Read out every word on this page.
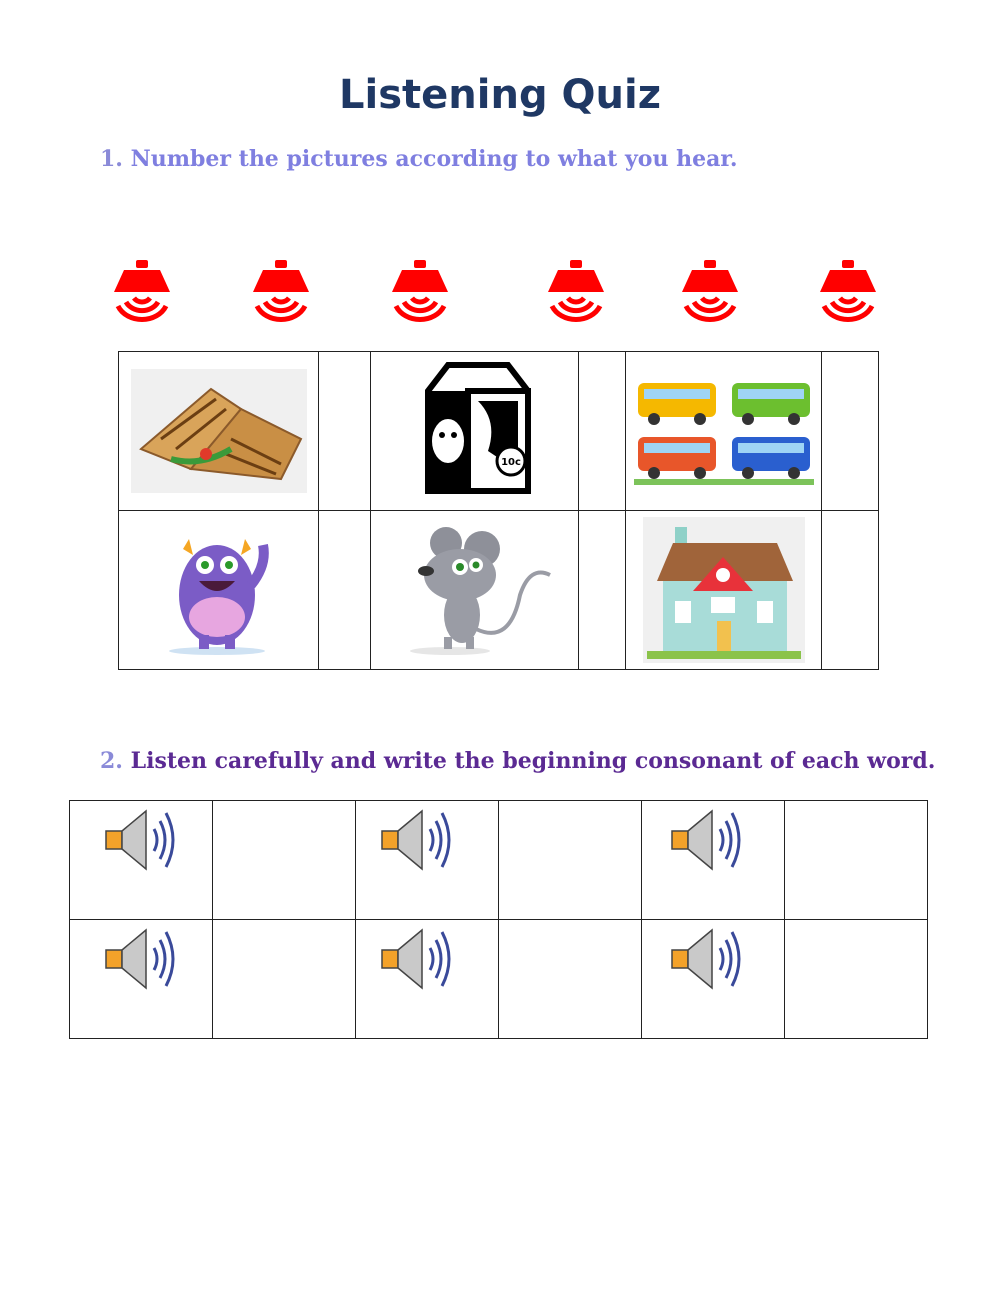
Listening Quiz
1. Number the pictures according to what you hear.

10c

2. Listen carefully and write the beginning consonant of each word.
